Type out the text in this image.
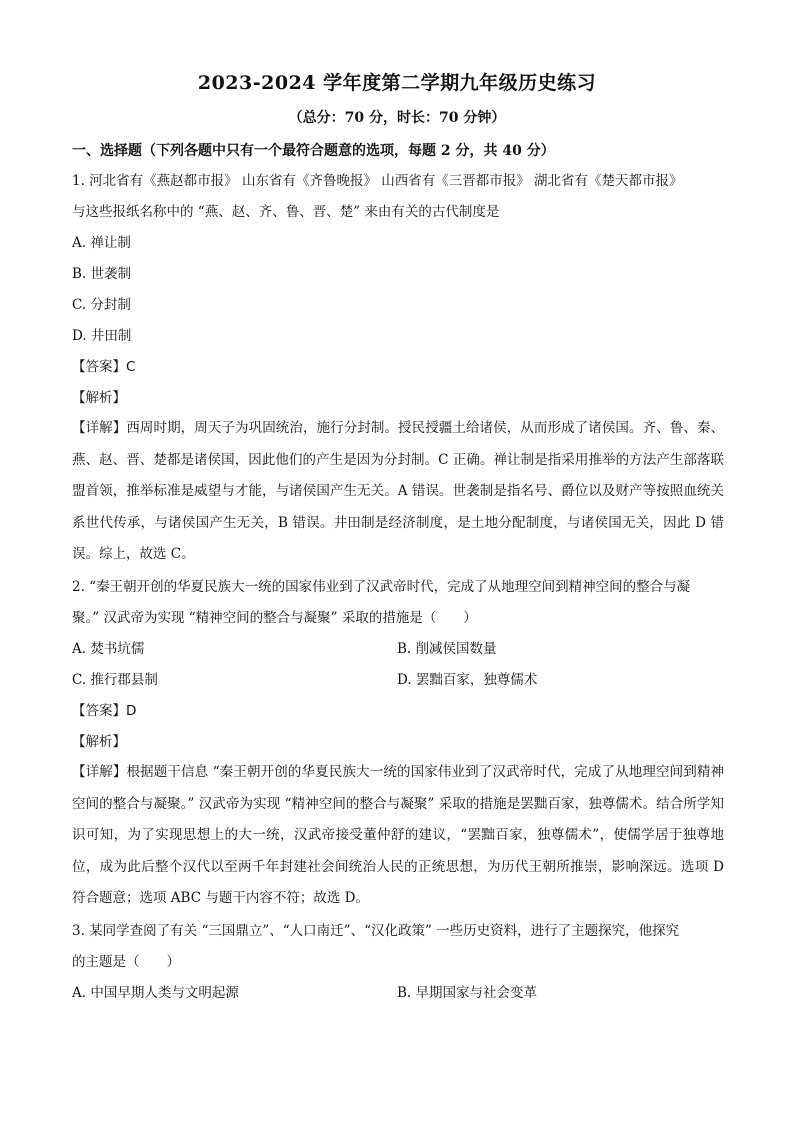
2023-2024 学年度第二学期九年级历史练习
（总分：70 分，时长：70 分钟）
一、选择题（下列各题中只有一个最符合题意的选项，每题 2 分，共 40 分）
1. 河北省有《燕赵都市报》 山东省有《齐鲁晚报》 山西省有《三晋都市报》 湖北省有《楚天都市报》
与这些报纸名称中的 “燕、赵、齐、鲁、晋、楚” 来由有关的古代制度是
A. 禅让制
B. 世袭制
C. 分封制
D. 井田制
【答案】C
【解析】
【详解】西周时期，周天子为巩固统治，施行分封制。授民授疆土给诸侯，从而形成了诸侯国。齐、鲁、秦、燕、赵、晋、楚都是诸侯国，因此他们的产生是因为分封制。C 正确。禅让制是指采用推举的方法产生部落联盟首领，推举标准是威望与才能，与诸侯国产生无关。A 错误。世袭制是指名号、爵位以及财产等按照血统关系世代传承，与诸侯国产生无关，B 错误。井田制是经济制度，是土地分配制度，与诸侯国无关，因此 D 错误。综上，故选 C。
2. “秦王朝开创的华夏民族大一统的国家伟业到了汉武帝时代，完成了从地理空间到精神空间的整合与凝
聚。” 汉武帝为实现 “精神空间的整合与凝聚” 采取的措施是（　　）
A. 焚书坑儒	B. 削减侯国数量
C. 推行郡县制	D. 罢黜百家，独尊儒术
【答案】D
【解析】
【详解】根据题干信息 “秦王朝开创的华夏民族大一统的国家伟业到了汉武帝时代，完成了从地理空间到精神空间的整合与凝聚。” 汉武帝为实现 “精神空间的整合与凝聚” 采取的措施是罢黜百家，独尊儒术。结合所学知识可知，为了实现思想上的大一统，汉武帝接受董仲舒的建议，“罢黜百家，独尊儒术”，使儒学居于独尊地位，成为此后整个汉代以至两千年封建社会间统治人民的正统思想，为历代王朝所推崇，影响深远。选项 D 符合题意；选项 ABC 与题干内容不符；故选 D。
3. 某同学查阅了有关 “三国鼎立”、“人口南迁”、“汉化政策” 一些历史资料，进行了主题探究，他探究
的主题是（　　）
A. 中国早期人类与文明起源	B. 早期国家与社会变革
